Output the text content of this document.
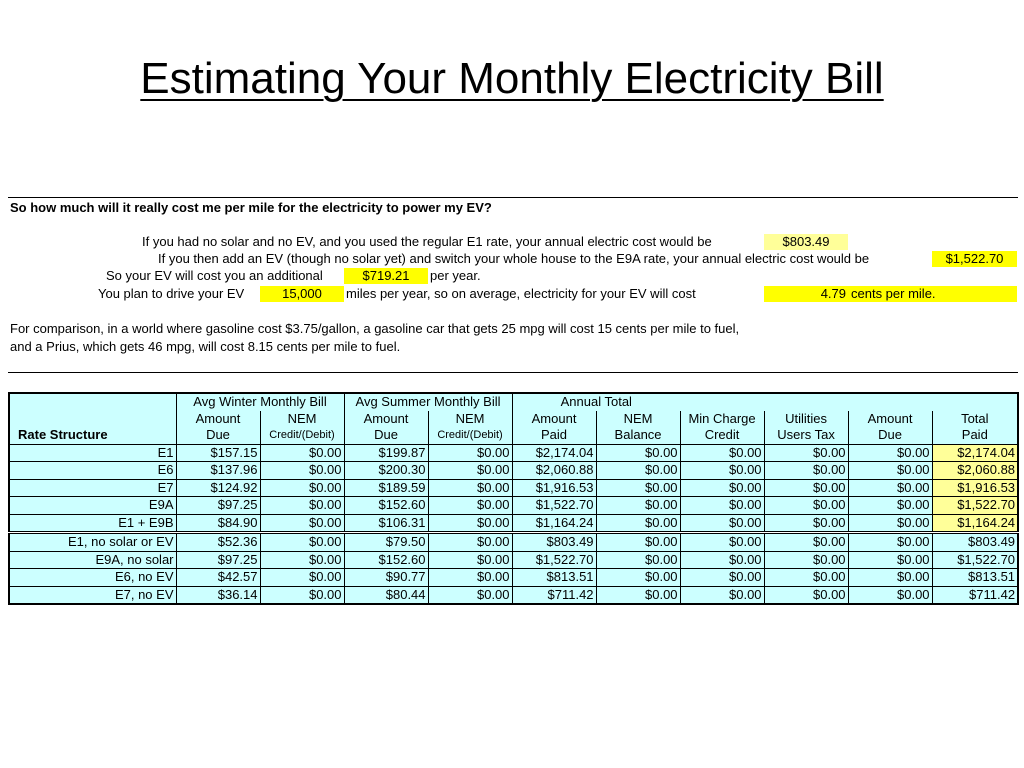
Estimating Your Monthly Electricity Bill
So how much will it really cost me per mile for the electricity to power my EV?
If you had no solar and no EV, and you used the regular E1 rate, your annual electric cost would be	$803.49
If you then add an EV (though no solar yet) and switch your whole house to the E9A rate, your annual electric cost would be	$1,522.70
So your EV will cost you an additional	$719.21	per year.
You plan to drive your EV	15,000	miles per year, so on average, electricity for your EV will cost	4.79 cents per mile.
For comparison, in a world where gasoline cost $3.75/gallon, a gasoline car that gets 25 mpg will cost 15 cents per mile to fuel,
and a Prius, which gets 46 mpg, will cost 8.15 cents per mile to fuel.
	Avg Winter Monthly Bill		Avg Summer Monthly Bill		Annual Total					
	Amount	NEM	Amount	NEM	Amount	NEM	Min Charge	Utilities	Amount	Total
Rate Structure	Due	Credit/(Debit)	Due	Credit/(Debit)	Paid	Balance	Credit	Users Tax	Due	Paid
E1	$157.15	$0.00	$199.87	$0.00	$2,174.04	$0.00	$0.00	$0.00	$0.00	$2,174.04
E6	$137.96	$0.00	$200.30	$0.00	$2,060.88	$0.00	$0.00	$0.00	$0.00	$2,060.88
E7	$124.92	$0.00	$189.59	$0.00	$1,916.53	$0.00	$0.00	$0.00	$0.00	$1,916.53
E9A	$97.25	$0.00	$152.60	$0.00	$1,522.70	$0.00	$0.00	$0.00	$0.00	$1,522.70
E1 + E9B	$84.90	$0.00	$106.31	$0.00	$1,164.24	$0.00	$0.00	$0.00	$0.00	$1,164.24
E1, no solar or EV	$52.36	$0.00	$79.50	$0.00	$803.49	$0.00	$0.00	$0.00	$0.00	$803.49
E9A, no solar	$97.25	$0.00	$152.60	$0.00	$1,522.70	$0.00	$0.00	$0.00	$0.00	$1,522.70
E6, no EV	$42.57	$0.00	$90.77	$0.00	$813.51	$0.00	$0.00	$0.00	$0.00	$813.51
E7, no EV	$36.14	$0.00	$80.44	$0.00	$711.42	$0.00	$0.00	$0.00	$0.00	$711.42
